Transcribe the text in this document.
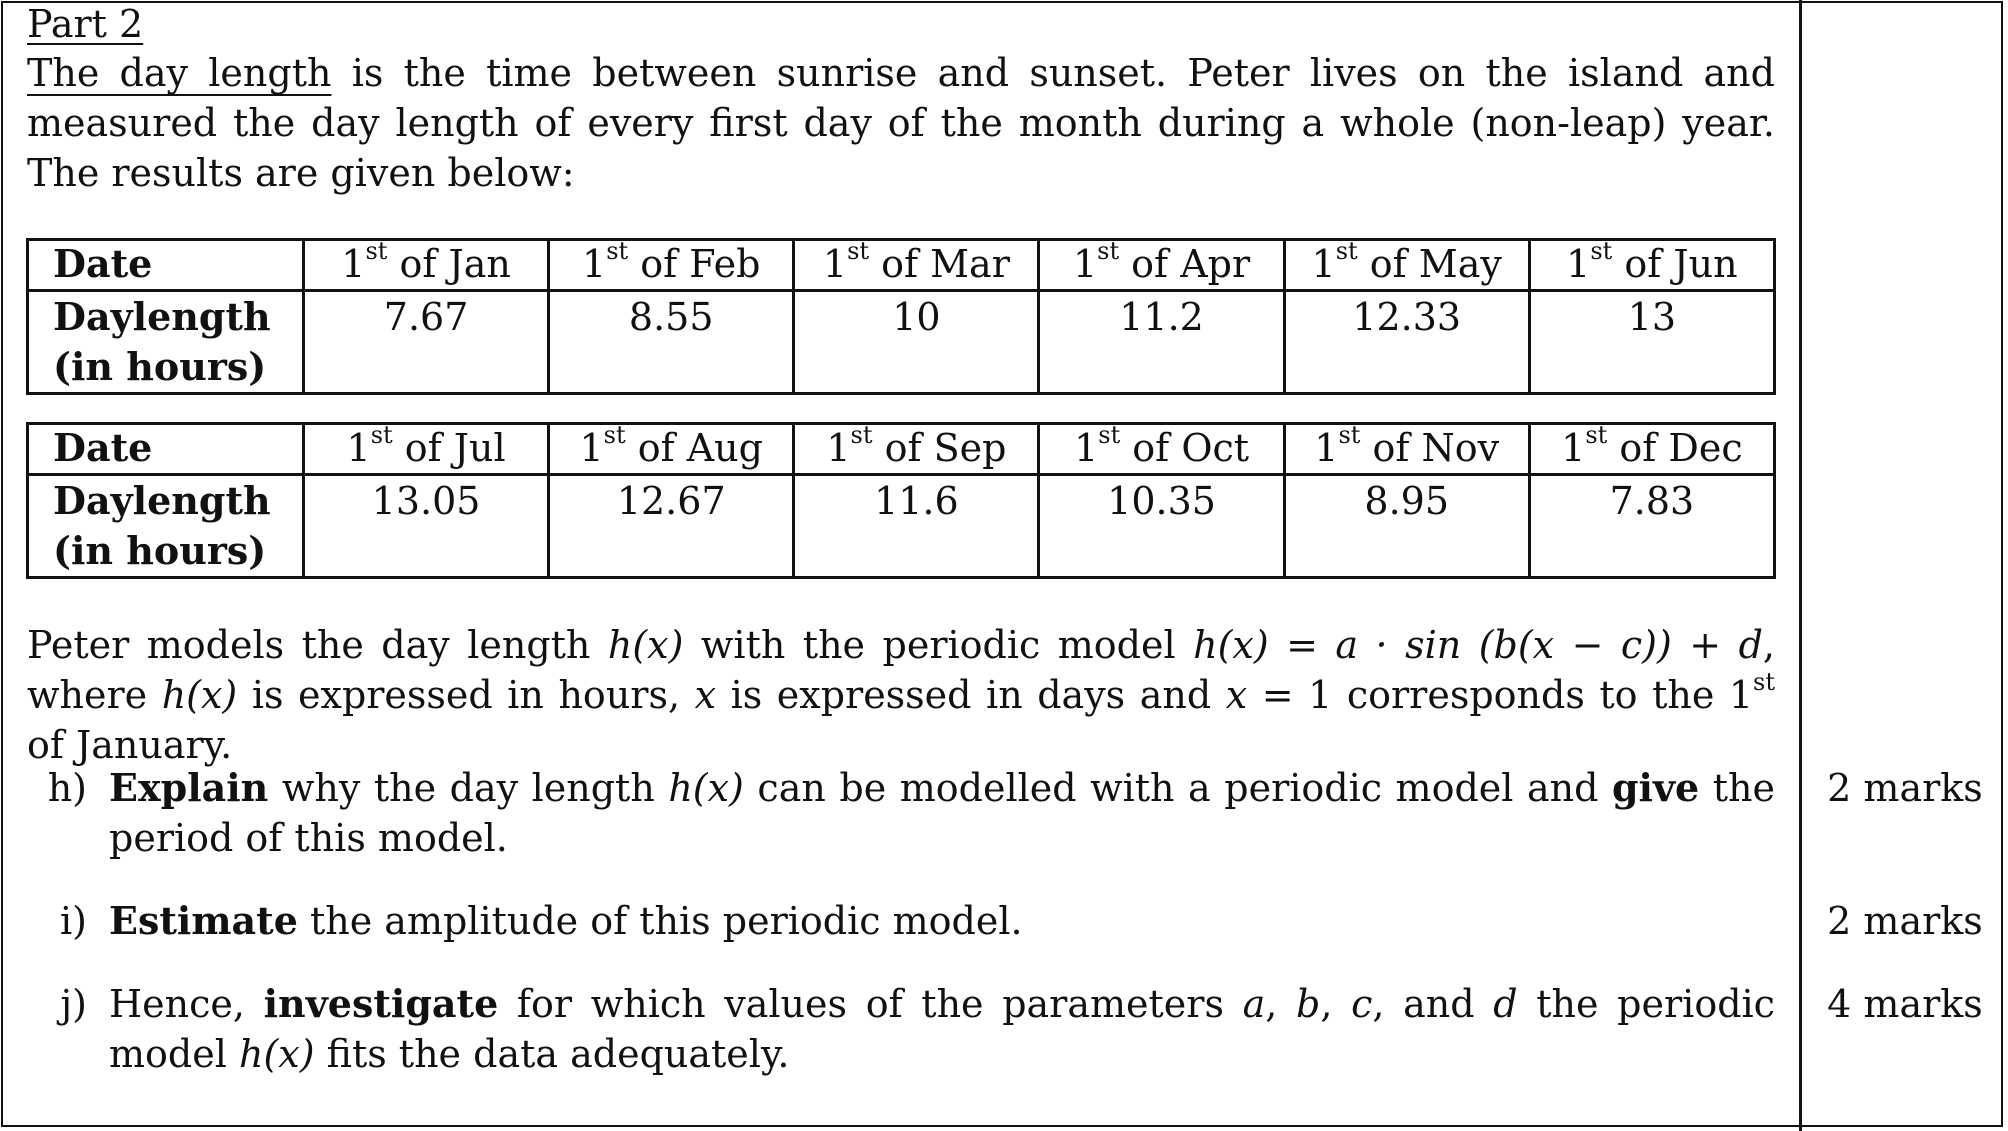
Part 2
The day length is the time between sunrise and sunset. Peter lives on the island and measured the day length of every first day of the month during a whole (non-leap) year. The results are given below:
Date	1st of Jan	1st of Feb	1st of Mar	1st of Apr	1st of May	1st of Jun
Daylength
(in hours)	7.67	8.55	10	11.2	12.33	13
Date	1st of Jul	1st of Aug	1st of Sep	1st of Oct	1st of Nov	1st of Dec
Daylength
(in hours)	13.05	12.67	11.6	10.35	8.95	7.83
Peter models the day length h(x) with the periodic model h(x) = a · sin (b(x − c)) + d, where h(x) is expressed in hours, x is expressed in days and x = 1 corresponds to the 1st of January.
h) Explain why the day length h(x) can be modelled with a periodic model and give the period of this model.
2 marks
i) Estimate the amplitude of this periodic model.	2 marks
j) Hence, investigate for which values of the parameters a, b, c, and d the periodic model h(x) fits the data adequately.
4 marks
